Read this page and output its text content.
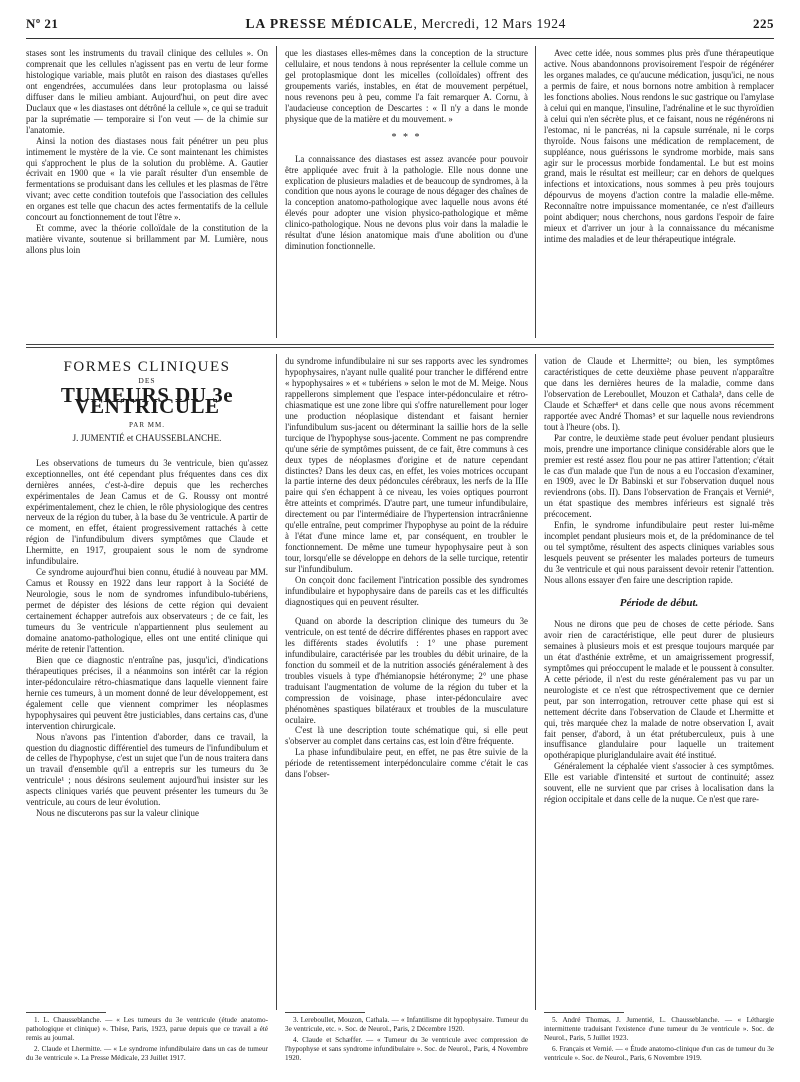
Nº 21	LA PRESSE MÉDICALE, Mercredi, 12 Mars 1924	225

stases sont les instruments du travail clinique des cellules ». On comprenait que les cellules n'agissent pas en vertu de leur forme histologique variable, mais plutôt en raison des diastases qu'elles ont engendrées, accumulées dans leur protoplasma ou laissé diffuser dans le milieu ambiant. Aujourd'hui, on peut dire avec Duclaux que « les diastases ont détrôné la cellule », ce qui se traduit par la suprématie — temporaire si l'on veut — de la chimie sur l'anatomie.

Ainsi la notion des diastases nous fait pénétrer un peu plus intimement le mystère de la vie. Ce sont maintenant les chimistes qui s'approchent le plus de la solution du problème. A. Gautier écrivait en 1900 que « la vie paraît résulter d'un ensemble de fermentations se produisant dans les cellules et les plasmas de l'être vivant; avec cette condition toutefois que l'association des cellules en organes est telle que chacun des actes fermentatifs de la cellule concourt au fonctionnement de tout l'être ».

Et comme, avec la théorie colloïdale de la constitution de la matière vivante, soutenue si brillamment par M. Lumière, nous allons plus loin

que les diastases elles-mêmes dans la conception de la structure cellulaire, et nous tendons à nous représenter la cellule comme un gel protoplasmique dont les micelles (colloïdales) offrent des groupements variés, instables, en état de mouvement perpétuel, nous revenons peu à peu, comme l'a fait remarquer A. Cornu, à l'audacieuse conception de Descartes : « Il n'y a dans le monde physique que de la matière et du mouvement. »

* * *

La connaissance des diastases est assez avancée pour pouvoir être appliquée avec fruit à la pathologie. Elle nous donne une explication de plusieurs maladies et de beaucoup de syndromes, à la condition que nous ayons le courage de nous dégager des chaînes de la conception anatomo-pathologique avec laquelle nous avons été élevés pour adopter une vision physico-pathologique et même clinico-pathologique. Nous ne devons plus voir dans la maladie le résultat d'une lésion anatomique mais d'une abolition ou d'une diminution fonctionnelle.

Avec cette idée, nous sommes plus près d'une thérapeutique active. Nous abandonnons provisoirement l'espoir de régénérer les organes malades, ce qu'aucune médication, jusqu'ici, ne nous a permis de faire, et nous bornons notre ambition à remplacer les fonctions abolies. Nous rendons le suc gastrique ou l'amylase à celui qui en manque, l'insuline, l'adrénaline et le suc thyroïdien à celui qui n'en sécrète plus, et ce faisant, nous ne régénérons ni l'estomac, ni le pancréas, ni la capsule surrénale, ni le corps thyroïde. Nous faisons une médication de remplacement, de suppléance, nous guérissons le syndrome morbide, mais sans agir sur le processus morbide fondamental. Le but est moins grand, mais le résultat est meilleur; car en dehors de quelques infections et intoxications, nous sommes à peu près toujours dépourvus de moyens d'action contre la maladie elle-même. Reconnaître notre impuissance momentanée, ce n'est d'ailleurs point abdiquer; nous cherchons, nous gardons l'espoir de faire mieux et d'arriver un jour à la connaissance du mécanisme intime des maladies et de leur thérapeutique intégrale.

FORMES CLINIQUES
DES
TUMEURS DU 3e VENTRICULE
PAR MM.
J. JUMENTIÉ et CHAUSSEBLANCHE.

Les observations de tumeurs du 3e ventricule, bien qu'assez exceptionnelles, ont été cependant plus fréquentes dans ces dix dernières années, c'est-à-dire depuis que les recherches expérimentales de Jean Camus et de G. Roussy ont montré expérimentalement, chez le chien, le rôle physiologique des centres nerveux de la région du tuber, à la base du 3e ventricule. A partir de ce moment, en effet, étaient progressivement rattachés à cette région de l'infundibulum divers symptômes que Claude et Lhermitte, en 1917, groupaient sous le nom de syndrome infundibulaire.

Ce syndrome aujourd'hui bien connu, étudié à nouveau par MM. Camus et Roussy en 1922 dans leur rapport à la Société de Neurologie, sous le nom de syndromes infundibulo-tubériens, permet de dépister des lésions de cette région qui devaient certainement échapper autrefois aux observateurs ; de ce fait, les tumeurs du 3e ventricule n'appartiennent plus seulement au domaine anatomo-pathologique, elles ont une entité clinique qui mérite de retenir l'attention.

Bien que ce diagnostic n'entraîne pas, jusqu'ici, d'indications thérapeutiques précises, il a néanmoins son intérêt car la région inter-pédonculaire rétro-chiasmatique dans laquelle viennent faire hernie ces tumeurs, à un moment donné de leur développement, est également celle que viennent comprimer les néoplasmes hypophysaires qui peuvent être justiciables, dans certains cas, d'une intervention chirurgicale.

Nous n'avons pas l'intention d'aborder, dans ce travail, la question du diagnostic différentiel des tumeurs de l'infundibulum et de celles de l'hypophyse, c'est un sujet que l'un de nous traitera dans un travail d'ensemble qu'il a entrepris sur les tumeurs du 3e ventricule¹ ; nous désirons seulement aujourd'hui insister sur les aspects cliniques variés que peuvent présenter les tumeurs du 3e ventricule, au cours de leur évolution.

Nous ne discuterons pas sur la valeur clinique

du syndrome infundibulaire ni sur ses rapports avec les syndromes hypophysaires, n'ayant nulle qualité pour trancher le différend entre « hypophysaires » et « tubériens » selon le mot de M. Meige. Nous rappellerons simplement que l'espace inter-pédonculaire et rétro-chiasmatique est une zone libre qui s'offre naturellement pour loger une production néoplasique distendant et faisant hernier l'infundibulum sus-jacent ou déterminant la saillie hors de la selle turcique de l'hypophyse sous-jacente. Comment ne pas comprendre qu'une série de symptômes puissent, de ce fait, être communs à ces deux types de néoplasmes d'origine et de nature cependant distinctes? Dans les deux cas, en effet, les voies motrices occupant la partie interne des deux pédoncules cérébraux, les nerfs de la IIIe paire qui s'en échappent à ce niveau, les voies optiques pourront être atteints et comprimés. D'autre part, une tumeur infundibulaire, directement ou par l'intermédiaire de l'hypertension intracrânienne qu'elle entraîne, peut comprimer l'hypophyse au point de la réduire à l'état d'une mince lame et, par conséquent, en troubler le fonctionnement. De même une tumeur hypophysaire peut à son tour, lorsqu'elle se développe en dehors de la selle turcique, retentir sur l'infundibulum.

On conçoit donc facilement l'intrication possible des syndromes infundibulaire et hypophysaire dans de pareils cas et les difficultés diagnostiques qui en peuvent résulter.

Quand on aborde la description clinique des tumeurs du 3e ventricule, on est tenté de décrire différentes phases en rapport avec les différents stades évolutifs : 1° une phase purement infundibulaire, caractérisée par les troubles du débit urinaire, de la fonction du sommeil et de la nutrition associés généralement à des troubles visuels à type d'hémianopsie hétéronyme; 2° une phase traduisant l'augmentation de volume de la région du tuber et la compression de voisinage, phase inter-pédonculaire avec phénomènes spastiques bilatéraux et troubles de la musculature oculaire.

C'est là une description toute schématique qui, si elle peut s'observer au complet dans certains cas, est loin d'être fréquente.

La phase infundibulaire peut, en effet, ne pas être suivie de la période de retentissement interpédonculaire comme c'était le cas dans l'obser-

vation de Claude et Lhermitte²; ou bien, les symptômes caractéristiques de cette deuxième phase peuvent n'apparaître que dans les dernières heures de la maladie, comme dans l'observation de Lereboullet, Mouzon et Cathala³, dans celle de Claude et Schæffer⁴ et dans celle que nous avons récemment rapportée avec André Thomas⁵ et sur laquelle nous reviendrons tout à l'heure (obs. I).

Par contre, le deuxième stade peut évoluer pendant plusieurs mois, prendre une importance clinique considérable alors que le premier est resté assez flou pour ne pas attirer l'attention; c'était le cas d'un malade que l'un de nous a eu l'occasion d'examiner, en 1909, avec le Dr Babinski et sur l'observation duquel nous reviendrons (obs. II). Dans l'observation de Français et Vernié⁶, un état spastique des membres inférieurs est signalé très précocement.

Enfin, le syndrome infundibulaire peut rester lui-même incomplet pendant plusieurs mois et, de la prédominance de tel ou tel symptôme, résultent des aspects cliniques variables sous lesquels peuvent se présenter les malades porteurs de tumeurs du 3e ventricule et qui nous paraissent devoir retenir l'attention. Nous allons essayer d'en faire une description rapide.

Période de début.

Nous ne dirons que peu de choses de cette période. Sans avoir rien de caractéristique, elle peut durer de plusieurs semaines à plusieurs mois et est presque toujours marquée par un état d'asthénie extrême, et un amaigrissement progressif, symptômes qui préoccupent le malade et le poussent à consulter. A cette période, il n'est du reste généralement pas vu par un neurologiste et ce n'est que rétrospectivement que ce dernier peut, par son interrogation, retrouver cette phase qui est si nettement décrite dans l'observation de Claude et Lhermitte et qui, très marquée chez la malade de notre observation I, avait fait penser, d'abord, à un état prétuberculeux, puis à une insuffisance glandulaire pour laquelle un traitement opothérapique pluriglandulaire avait été institué.

Généralement la céphalée vient s'associer à ces symptômes. Elle est variable d'intensité et surtout de continuité; assez souvent, elle ne survient que par crises à localisation dans la région occipitale et dans celle de la nuque. Ce n'est que rare-

1. L. Chausseblanche. — « Les tumeurs du 3e ventricule (étude anatomo-pathologique et clinique) ». Thèse, Paris, 1923, parue depuis que ce travail a été remis au journal.

2. Claude et Lhermitte. — « Le syndrome infundibulaire dans un cas de tumeur du 3e ventricule ». La Presse Médicale, 23 Juillet 1917.

3. Lereboullet, Mouzon, Cathala. — « Infantilisme dit hypophysaire. Tumeur du 3e ventricule, etc. ». Soc. de Neurol., Paris, 2 Décembre 1920.

4. Claude et Schæffer. — « Tumeur du 3e ventricule avec compression de l'hypophyse et sans syndrome infundibulaire ». Soc. de Neurol., Paris, 4 Novembre 1920.

5. André Thomas, J. Jumentié, L. Chausseblanche. — « Léthargie intermittente traduisant l'existence d'une tumeur du 3e ventricule ». Soc. de Neurol., Paris, 5 Juillet 1923.

6. Français et Vernié. — « Étude anatomo-clinique d'un cas de tumeur du 3e ventricule ». Soc. de Neurol., Paris, 6 Novembre 1919.
